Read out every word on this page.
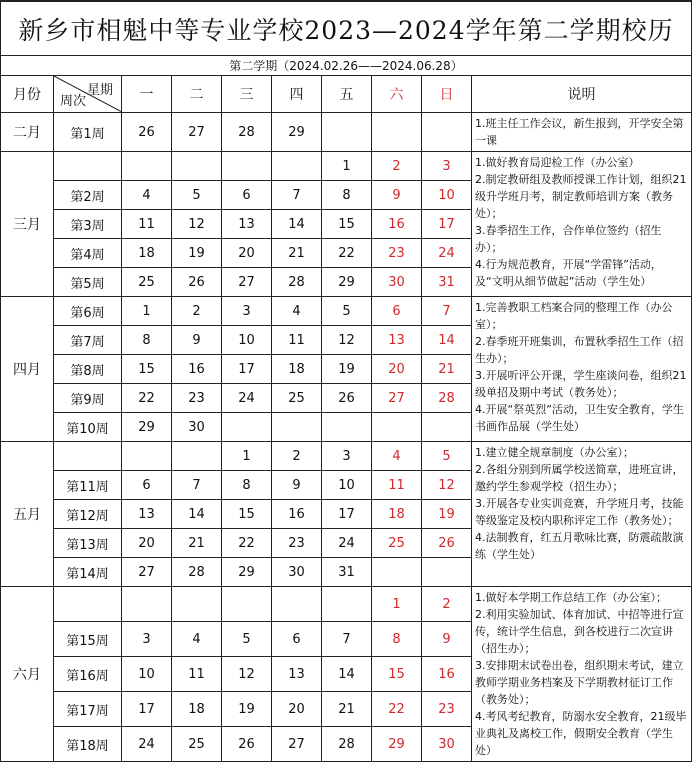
新乡市相魁中等专业学校2023—2024学年第二学期校历									
第二学期（2024.02.26——2024.06.28）									
月份	星期
周次	一	二	三	四	五	六	日	说明
二月	第1周	26	27	28	29				1.班主任工作会议，新生报到，开学安全第一课

三月						1	2	3	1.做好教育局迎检工作（办公室）
2.制定教研组及教师授课工作计划，组织21级升学班月考，制定教师培训方案（教务处）；
3.春季招生工作，合作单位签约（招生办）；
4.行为规范教育，开展“学雷锋”活动，及“文明从细节做起”活动（学生处）

	第2周	4	5	6	7	8	9	10	
	第3周	11	12	13	14	15	16	17	
	第4周	18	19	20	21	22	23	24	
	第5周	25	26	27	28	29	30	31	
四月	第6周	1	2	3	4	5	6	7	1.完善教职工档案合同的整理工作（办公室）；
2.春季班开班集训，布置秋季招生工作（招生办）；
3.开展听评公开课，学生座谈问卷，组织21级单招及期中考试（教务处）；
4.开展“祭英烈”活动，卫生安全教育，学生书画作品展（学生处）

	第7周	8	9	10	11	12	13	14	
	第8周	15	16	17	18	19	20	21	
	第9周	22	23	24	25	26	27	28	
	第10周	29	30						
五月				1	2	3	4	5	1.建立健全规章制度（办公室）；
2.各组分别到所属学校送简章，进班宣讲，邀约学生参观学校（招生办）；
3.开展各专业实训竞赛，升学班月考，技能等级鉴定及校内职称评定工作（教务处）；
4.法制教育，红五月歌咏比赛，防震疏散演练（学生处）

	第11周	6	7	8	9	10	11	12	
	第12周	13	14	15	16	17	18	19	
	第13周	20	21	22	23	24	25	26	
	第14周	27	28	29	30	31			
六月							1	2	1.做好本学期工作总结工作（办公室）；
2.利用实验加试、体育加试、中招等进行宣传，统计学生信息，到各校进行二次宣讲（招生办）；
3.安排期末试卷出卷，组织期末考试，建立教师学期业务档案及下学期教材征订工作（教务处）；
4.考风考纪教育，防溺水安全教育，21级毕业典礼及离校工作，假期安全教育（学生处）

	第15周	3	4	5	6	7	8	9	
	第16周	10	11	12	13	14	15	16	
	第17周	17	18	19	20	21	22	23	
	第18周	24	25	26	27	28	29	30	
